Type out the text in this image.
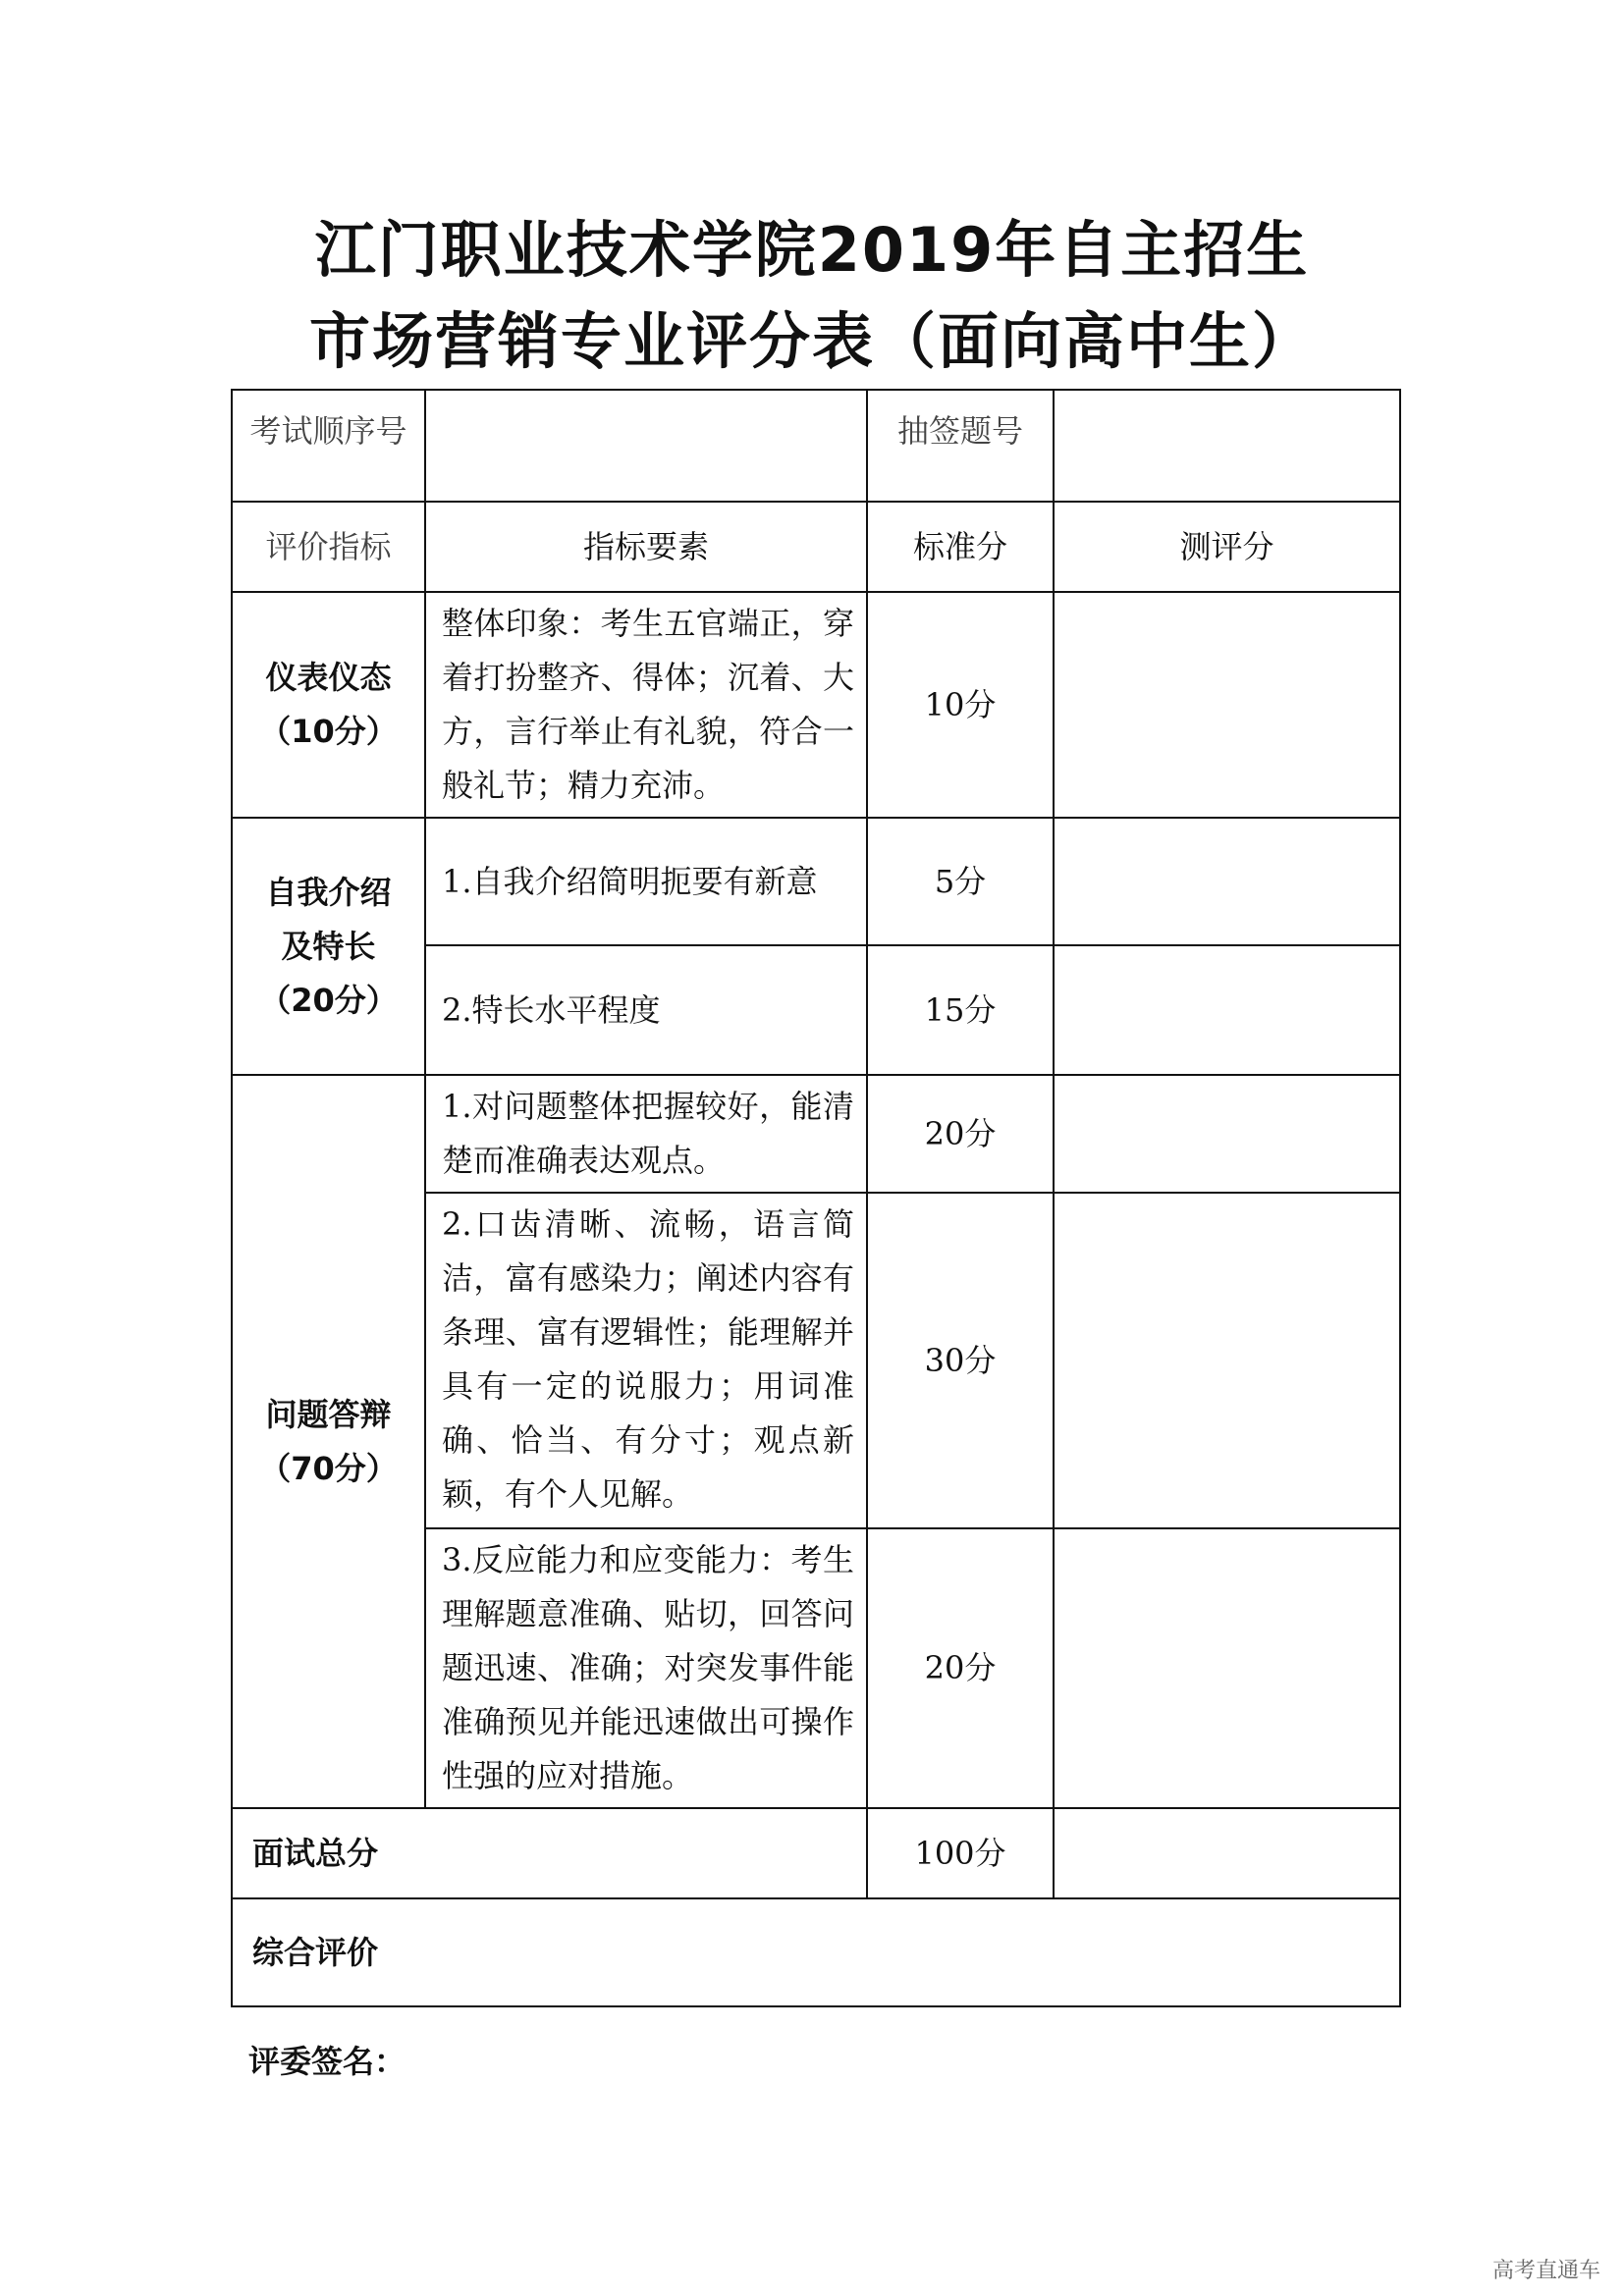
江门职业技术学院2019年自主招生
市场营销专业评分表（面向高中生）
考试顺序号		抽签题号	
评价指标	指标要素	标准分	测评分

仪表仪态
（10分）	整体印象：考生五官端正，穿着打扮整齐、得体；沉着、大方，言行举止有礼貌，符合一般礼节；精力充沛。	10分	

自我介绍
及特长
（20分）	1.自我介绍简明扼要有新意	5分	
	2.特长水平程度	15分	

问题答辩
（70分）	1.对问题整体把握较好，能清楚而准确表达观点。	20分	
	2.口齿清晰、流畅，语言简洁，富有感染力；阐述内容有条理、富有逻辑性；能理解并具有一定的说服力；用词准确、恰当、有分寸；观点新颖，有个人见解。	30分	
	3.反应能力和应变能力：考生理解题意准确、贴切，回答问题迅速、准确；对突发事件能准确预见并能迅速做出可操作性强的应对措施。	20分	
面试总分		100分	
综合评价			
评委签名：
高考直通车
